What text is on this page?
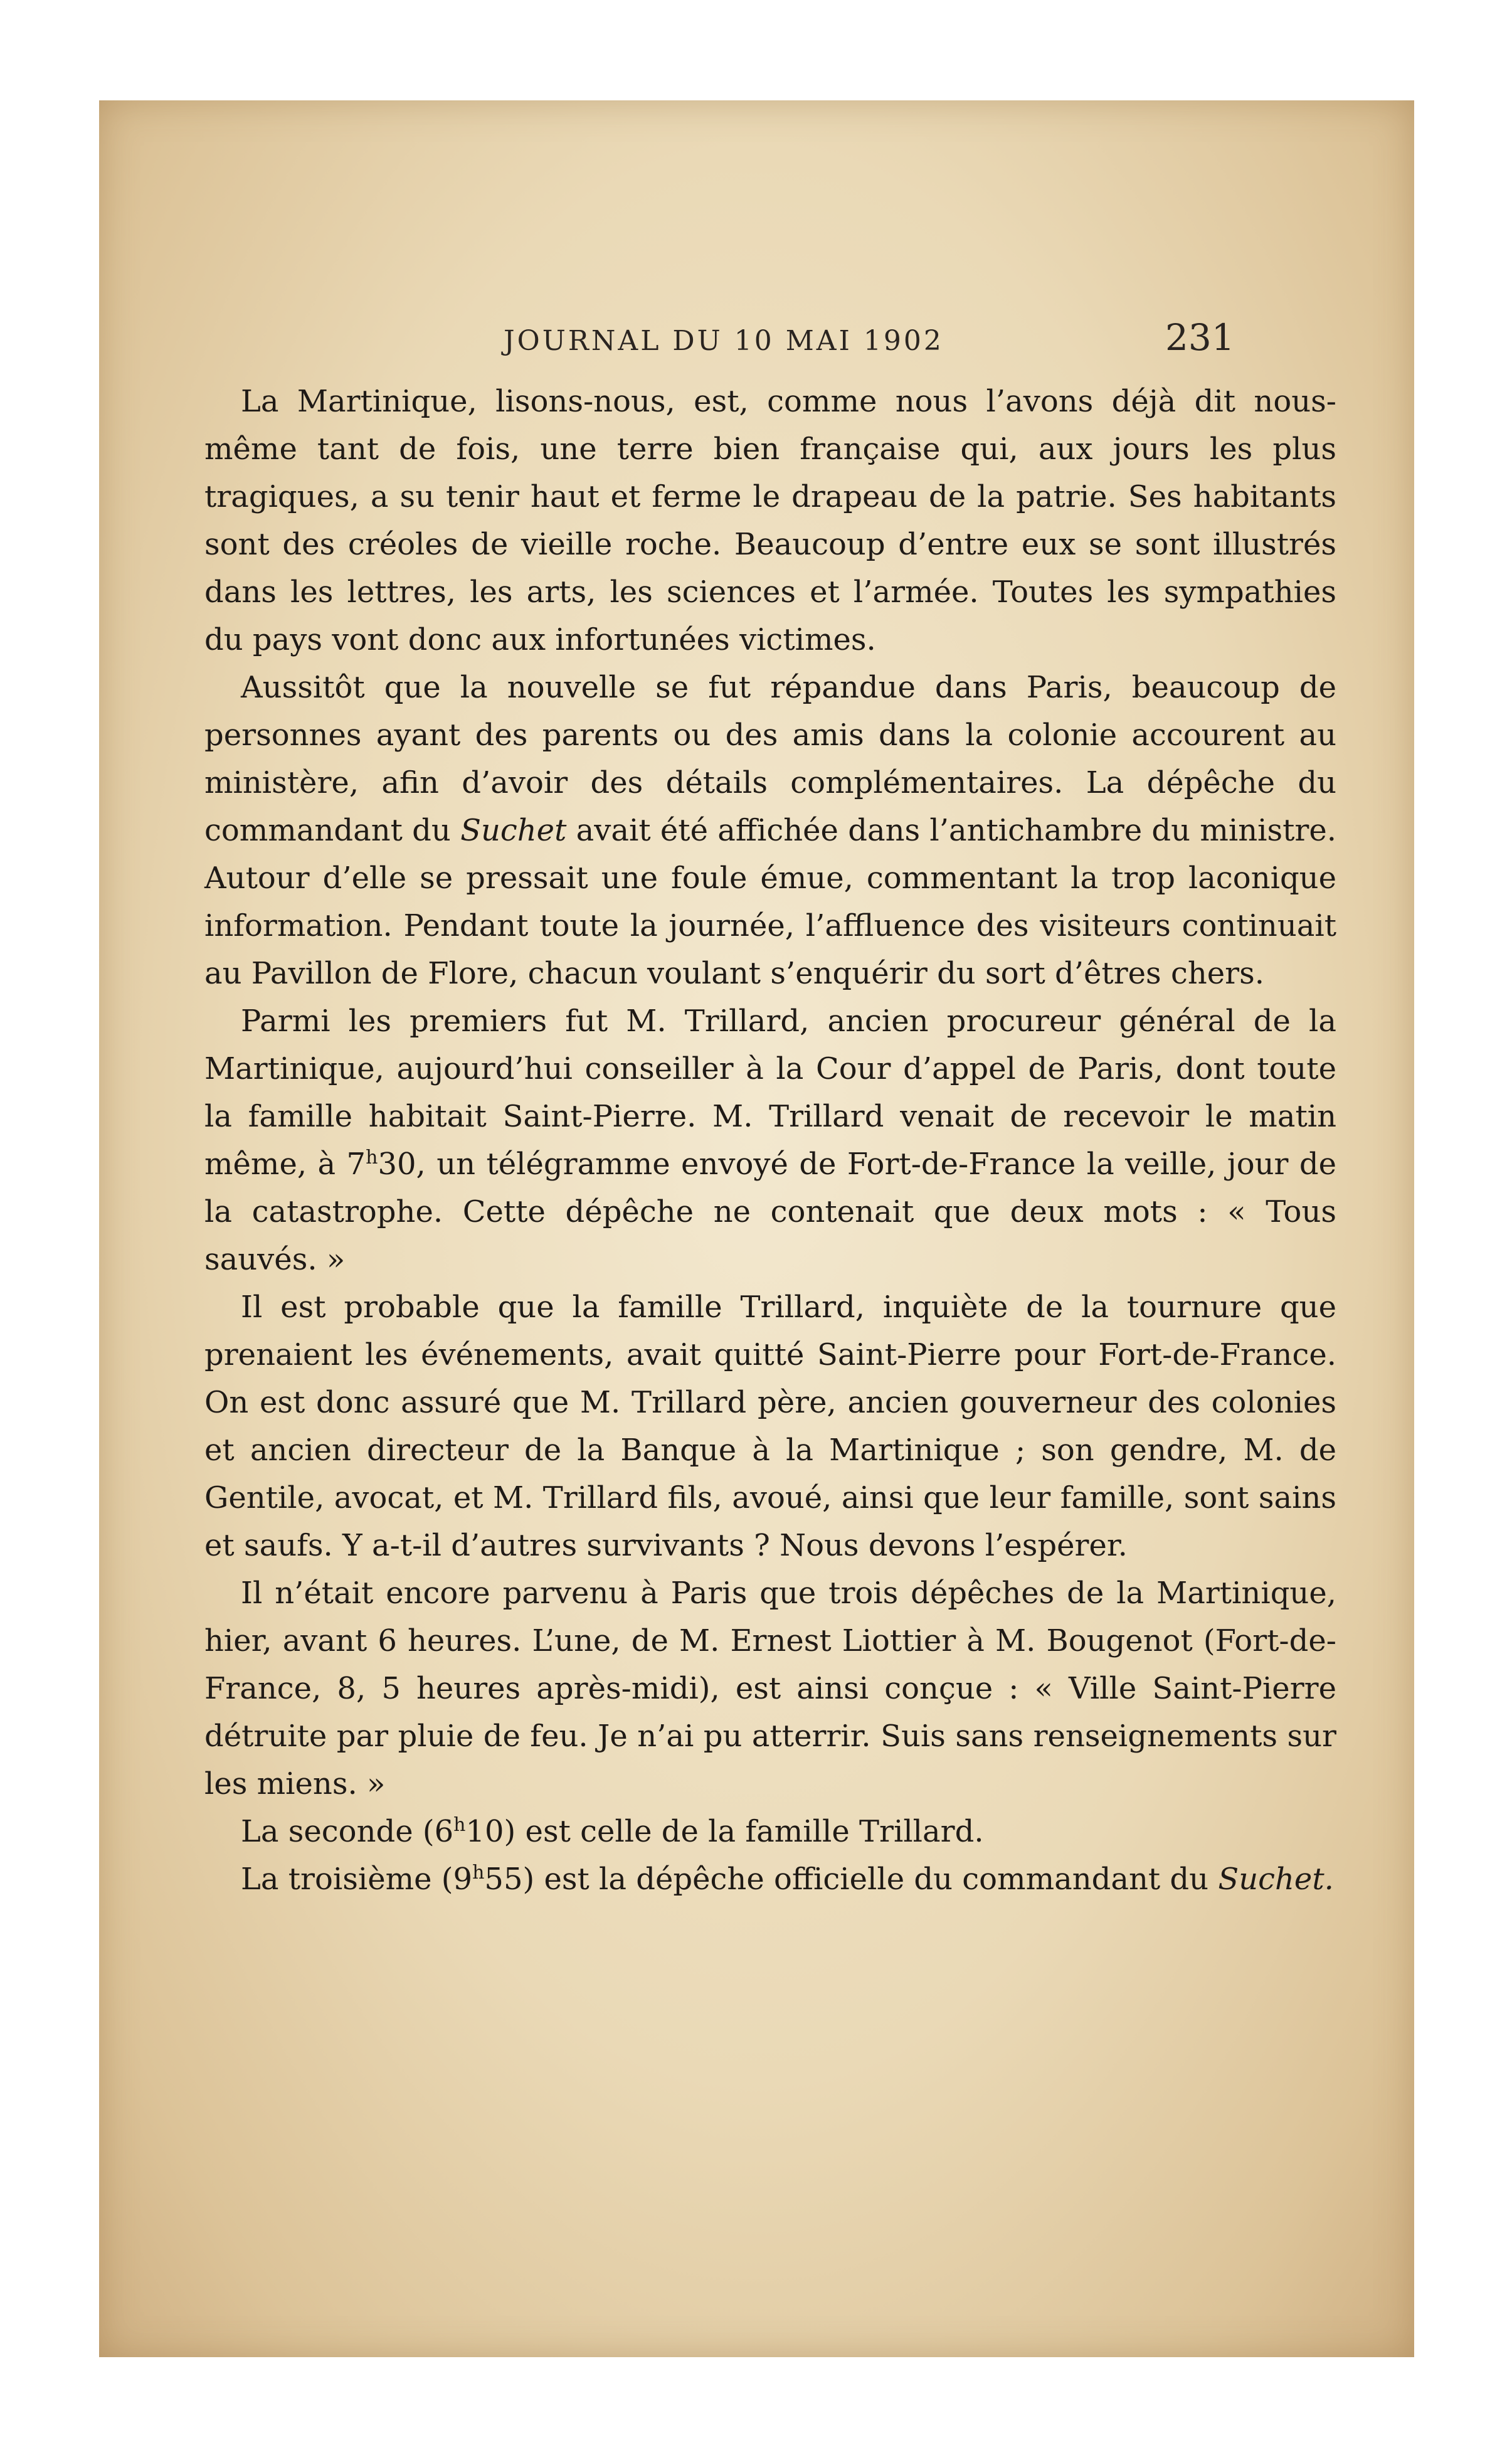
JOURNAL DU 10 MAI 1902	231

La Martinique, lisons-nous, est, comme nous l’avons déjà dit nous-même tant de fois, une terre bien française qui, aux jours les plus tragiques, a su tenir haut et ferme le drapeau de la patrie. Ses habitants sont des créoles de vieille roche. Beaucoup d’entre eux se sont illustrés dans les lettres, les arts, les sciences et l’armée. Toutes les sympathies du pays vont donc aux infortunées victimes.

Aussitôt que la nouvelle se fut répandue dans Paris, beaucoup de personnes ayant des parents ou des amis dans la colonie accourent au ministère, afin d’avoir des détails complémentaires. La dépêche du commandant du Suchet avait été affichée dans l’antichambre du ministre. Autour d’elle se pressait une foule émue, commentant la trop laconique information. Pendant toute la journée, l’affluence des visiteurs continuait au Pavillon de Flore, chacun voulant s’enquérir du sort d’êtres chers.

Parmi les premiers fut M. Trillard, ancien procureur général de la Martinique, aujourd’hui conseiller à la Cour d’appel de Paris, dont toute la famille habitait Saint-Pierre. M. Trillard venait de recevoir le matin même, à 7$^h$30, un télégramme envoyé de Fort-de-France la veille, jour de la catastrophe. Cette dépêche ne contenait que deux mots : « Tous sauvés. »

Il est probable que la famille Trillard, inquiète de la tournure que prenaient les événements, avait quitté Saint-Pierre pour Fort-de-France. On est donc assuré que M. Trillard père, ancien gouverneur des colonies et ancien directeur de la Banque à la Martinique ; son gendre, M. de Gentile, avocat, et M. Trillard fils, avoué, ainsi que leur famille, sont sains et saufs. Y a-t-il d’autres survivants ? Nous devons l’espérer.

Il n’était encore parvenu à Paris que trois dépêches de la Martinique, hier, avant 6 heures. L’une, de M. Ernest Liottier à M. Bougenot (Fort-de-France, 8, 5 heures après-midi), est ainsi conçue : « Ville Saint-Pierre détruite par pluie de feu. Je n’ai pu atterrir. Suis sans renseignements sur les miens. »

La seconde (6$^h$10) est celle de la famille Trillard.

La troisième (9$^h$55) est la dépêche officielle du commandant du Suchet.
